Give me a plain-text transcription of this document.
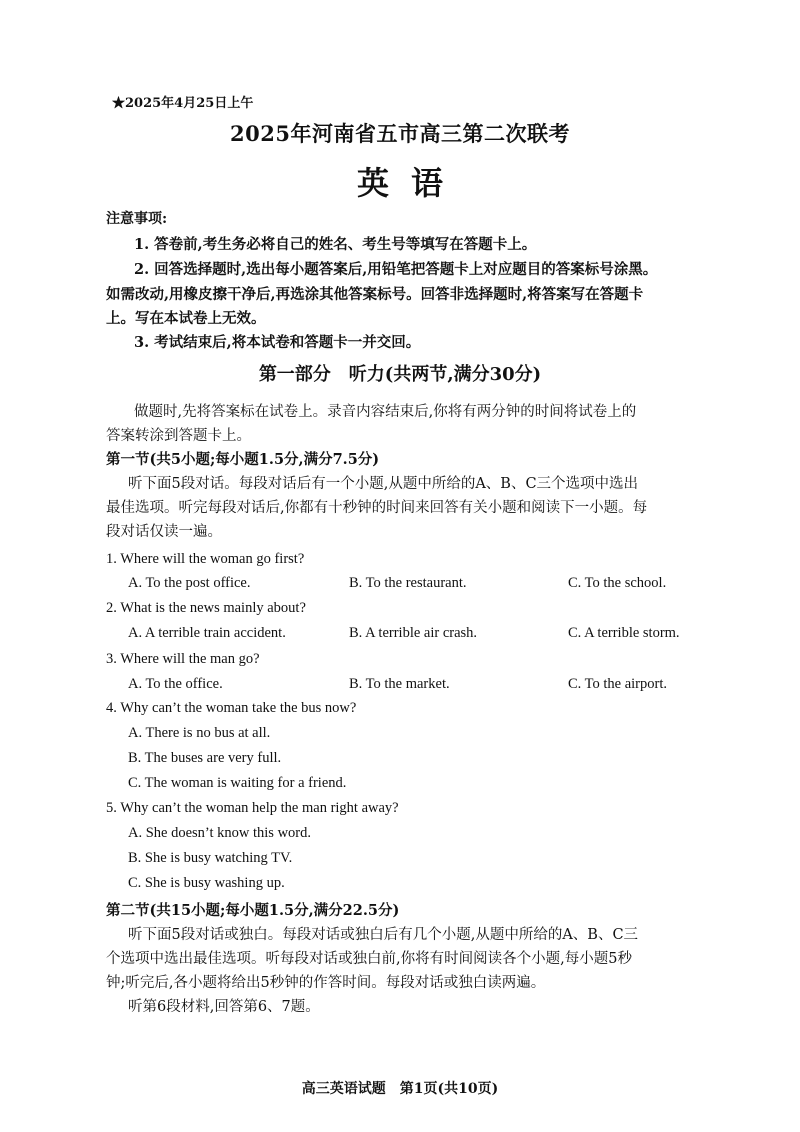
★2025年4月25日上午
2025年河南省五市高三第二次联考
英语
注意事项:
1. 答卷前,考生务必将自己的姓名、考生号等填写在答题卡上。
2. 回答选择题时,选出每小题答案后,用铅笔把答题卡上对应题目的答案标号涂黑。
如需改动,用橡皮擦干净后,再选涂其他答案标号。回答非选择题时,将答案写在答题卡
上。写在本试卷上无效。
3. 考试结束后,将本试卷和答题卡一并交回。
第一部分　听力(共两节,满分30分)
做题时,先将答案标在试卷上。录音内容结束后,你将有两分钟的时间将试卷上的
答案转涂到答题卡上。
第一节(共5小题;每小题1.5分,满分7.5分)
听下面5段对话。每段对话后有一个小题,从题中所给的A、B、C三个选项中选出
最佳选项。听完每段对话后,你都有十秒钟的时间来回答有关小题和阅读下一小题。每
段对话仅读一遍。
1. Where will the woman go first?
A. To the post office.	B. To the restaurant.	C. To the school.
2. What is the news mainly about?
A. A terrible train accident.	B. A terrible air crash.	C. A terrible storm.
3. Where will the man go?
A. To the office.	B. To the market.	C. To the airport.
4. Why can’t the woman take the bus now?
A. There is no bus at all.
B. The buses are very full.
C. The woman is waiting for a friend.
5. Why can’t the woman help the man right away?
A. She doesn’t know this word.
B. She is busy watching TV.
C. She is busy washing up.
第二节(共15小题;每小题1.5分,满分22.5分)
听下面5段对话或独白。每段对话或独白后有几个小题,从题中所给的A、B、C三
个选项中选出最佳选项。听每段对话或独白前,你将有时间阅读各个小题,每小题5秒
钟;听完后,各小题将给出5秒钟的作答时间。每段对话或独白读两遍。
听第6段材料,回答第6、7题。
高三英语试题　第1页(共10页)
